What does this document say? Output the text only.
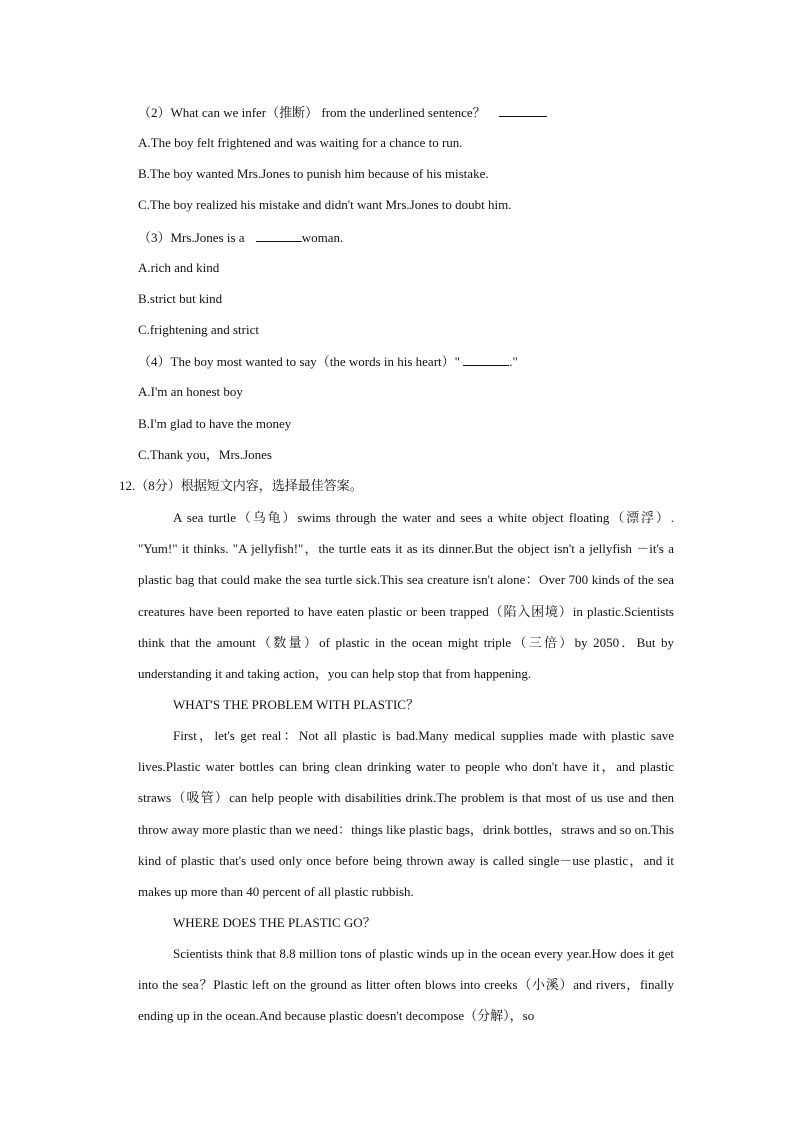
（2）What can we infer（推断） from the underlined sentence？
A.The boy felt frightened and was waiting for a chance to run.
B.The boy wanted Mrs.Jones to punish him because of his mistake.
C.The boy realized his mistake and didn't want Mrs.Jones to doubt him.
（3）Mrs.Jones is a	woman.
A.rich and kind
B.strict but kind
C.frightening and strict
（4）The boy most wanted to say（the words in his heart）"	."
A.I'm an honest boy
B.I'm glad to have the money
C.Thank you，Mrs.Jones
12.（8分）根据短文内容，选择最佳答案。
A sea turtle（乌龟）swims through the water and sees a white object floating（漂浮）. "Yum!" it thinks. "A jellyfish!"，the turtle eats it as its dinner.But the object isn't a jellyfish －it's a plastic bag that could make the sea turtle sick.This sea creature isn't alone：Over 700 kinds of the sea creatures have been reported to have eaten plastic or been trapped（陷入困境）in plastic.Scientists think that the amount（数量）of plastic in the ocean might triple（三倍）by 2050．But by understanding it and taking action，you can help stop that from happening.
WHAT'S THE PROBLEM WITH PLASTIC？
First，let's get real：Not all plastic is bad.Many medical supplies made with plastic save lives.Plastic water bottles can bring clean drinking water to people who don't have it，and plastic straws（吸管）can help people with disabilities drink.The problem is that most of us use and then throw away more plastic than we need：things like plastic bags，drink bottles，straws and so on.This kind of plastic that's used only once before being thrown away is called single－use plastic，and it makes up more than 40 percent of all plastic rubbish.
WHERE DOES THE PLASTIC GO？
Scientists think that 8.8 million tons of plastic winds up in the ocean every year.How does it get into the sea？Plastic left on the ground as litter often blows into creeks（小溪）and rivers，finally ending up in the ocean.And because plastic doesn't decompose（分解），so
